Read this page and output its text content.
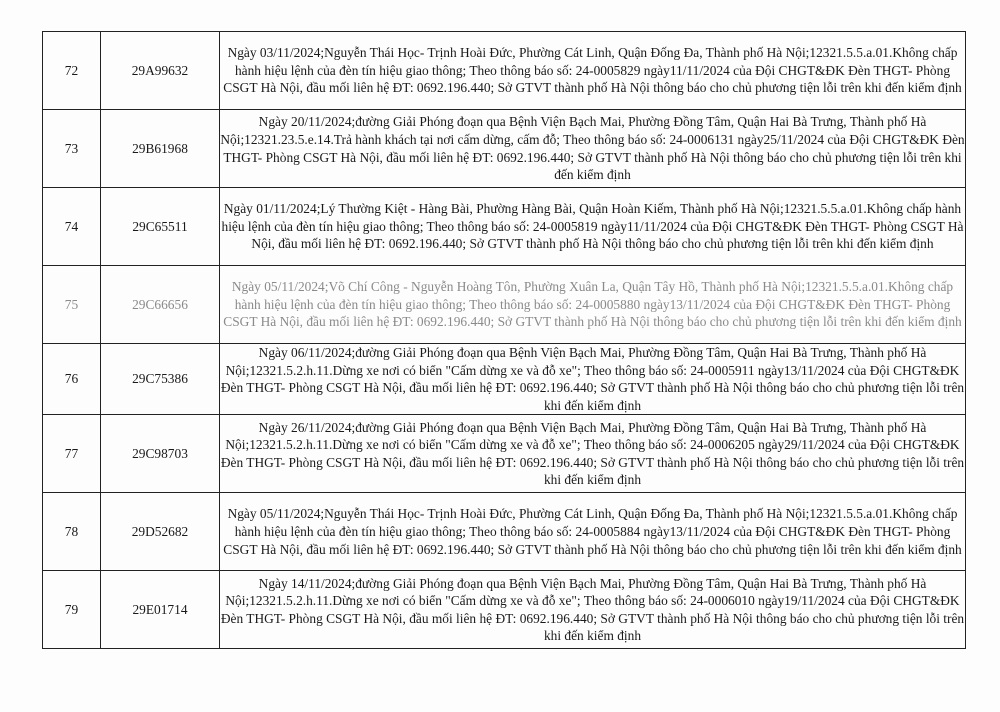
72	29A99632	Ngày 03/11/2024;Nguyễn Thái Học- Trịnh Hoài Đức, Phường Cát Linh, Quận Đống Đa, Thành phố Hà Nội;12321.5.5.a.01.Không chấp hành hiệu lệnh của đèn tín hiệu giao thông; Theo thông báo số: 24-0005829 ngày11/11/2024 của Đội CHGT&ĐK Đèn THGT- Phòng CSGT Hà Nội, đầu mối liên hệ ĐT: 0692.196.440; Sở GTVT thành phố Hà Nội thông báo cho chủ phương tiện lỗi trên khi đến kiểm định
73	29B61968	Ngày 20/11/2024;đường Giải Phóng đoạn qua Bệnh Viện Bạch Mai, Phường Đồng Tâm, Quận Hai Bà Trưng, Thành phố Hà Nội;12321.23.5.e.14.Trả hành khách tại nơi cấm dừng, cấm đỗ; Theo thông báo số: 24-0006131 ngày25/11/2024 của Đội CHGT&ĐK Đèn THGT- Phòng CSGT Hà Nội, đầu mối liên hệ ĐT: 0692.196.440; Sở GTVT thành phố Hà Nội thông báo cho chủ phương tiện lỗi trên khi đến kiểm định
74	29C65511	Ngày 01/11/2024;Lý Thường Kiệt - Hàng Bài, Phường Hàng Bài, Quận Hoàn Kiếm, Thành phố Hà Nội;12321.5.5.a.01.Không chấp hành hiệu lệnh của đèn tín hiệu giao thông; Theo thông báo số: 24-0005819 ngày11/11/2024 của Đội CHGT&ĐK Đèn THGT- Phòng CSGT Hà Nội, đầu mối liên hệ ĐT: 0692.196.440; Sở GTVT thành phố Hà Nội thông báo cho chủ phương tiện lỗi trên khi đến kiểm định
75	29C66656	Ngày 05/11/2024;Võ Chí Công - Nguyễn Hoàng Tôn, Phường Xuân La, Quận Tây Hồ, Thành phố Hà Nội;12321.5.5.a.01.Không chấp hành hiệu lệnh của đèn tín hiệu giao thông; Theo thông báo số: 24-0005880 ngày13/11/2024 của Đội CHGT&ĐK Đèn THGT- Phòng CSGT Hà Nội, đầu mối liên hệ ĐT: 0692.196.440; Sở GTVT thành phố Hà Nội thông báo cho chủ phương tiện lỗi trên khi đến kiểm định
76	29C75386	Ngày 06/11/2024;đường Giải Phóng đoạn qua Bệnh Viện Bạch Mai, Phường Đồng Tâm, Quận Hai Bà Trưng, Thành phố Hà Nội;12321.5.2.h.11.Dừng xe nơi có biển "Cấm dừng xe và đỗ xe"; Theo thông báo số: 24-0005911 ngày13/11/2024 của Đội CHGT&ĐK Đèn THGT- Phòng CSGT Hà Nội, đầu mối liên hệ ĐT: 0692.196.440; Sở GTVT thành phố Hà Nội thông báo cho chủ phương tiện lỗi trên khi đến kiểm định
77	29C98703	Ngày 26/11/2024;đường Giải Phóng đoạn qua Bệnh Viện Bạch Mai, Phường Đồng Tâm, Quận Hai Bà Trưng, Thành phố Hà Nội;12321.5.2.h.11.Dừng xe nơi có biển "Cấm dừng xe và đỗ xe"; Theo thông báo số: 24-0006205 ngày29/11/2024 của Đội CHGT&ĐK Đèn THGT- Phòng CSGT Hà Nội, đầu mối liên hệ ĐT: 0692.196.440; Sở GTVT thành phố Hà Nội thông báo cho chủ phương tiện lỗi trên khi đến kiểm định
78	29D52682	Ngày 05/11/2024;Nguyễn Thái Học- Trịnh Hoài Đức, Phường Cát Linh, Quận Đống Đa, Thành phố Hà Nội;12321.5.5.a.01.Không chấp hành hiệu lệnh của đèn tín hiệu giao thông; Theo thông báo số: 24-0005884 ngày13/11/2024 của Đội CHGT&ĐK Đèn THGT- Phòng CSGT Hà Nội, đầu mối liên hệ ĐT: 0692.196.440; Sở GTVT thành phố Hà Nội thông báo cho chủ phương tiện lỗi trên khi đến kiểm định
79	29E01714	Ngày 14/11/2024;đường Giải Phóng đoạn qua Bệnh Viện Bạch Mai, Phường Đồng Tâm, Quận Hai Bà Trưng, Thành phố Hà Nội;12321.5.2.h.11.Dừng xe nơi có biển "Cấm dừng xe và đỗ xe"; Theo thông báo số: 24-0006010 ngày19/11/2024 của Đội CHGT&ĐK Đèn THGT- Phòng CSGT Hà Nội, đầu mối liên hệ ĐT: 0692.196.440; Sở GTVT thành phố Hà Nội thông báo cho chủ phương tiện lỗi trên khi đến kiểm định
